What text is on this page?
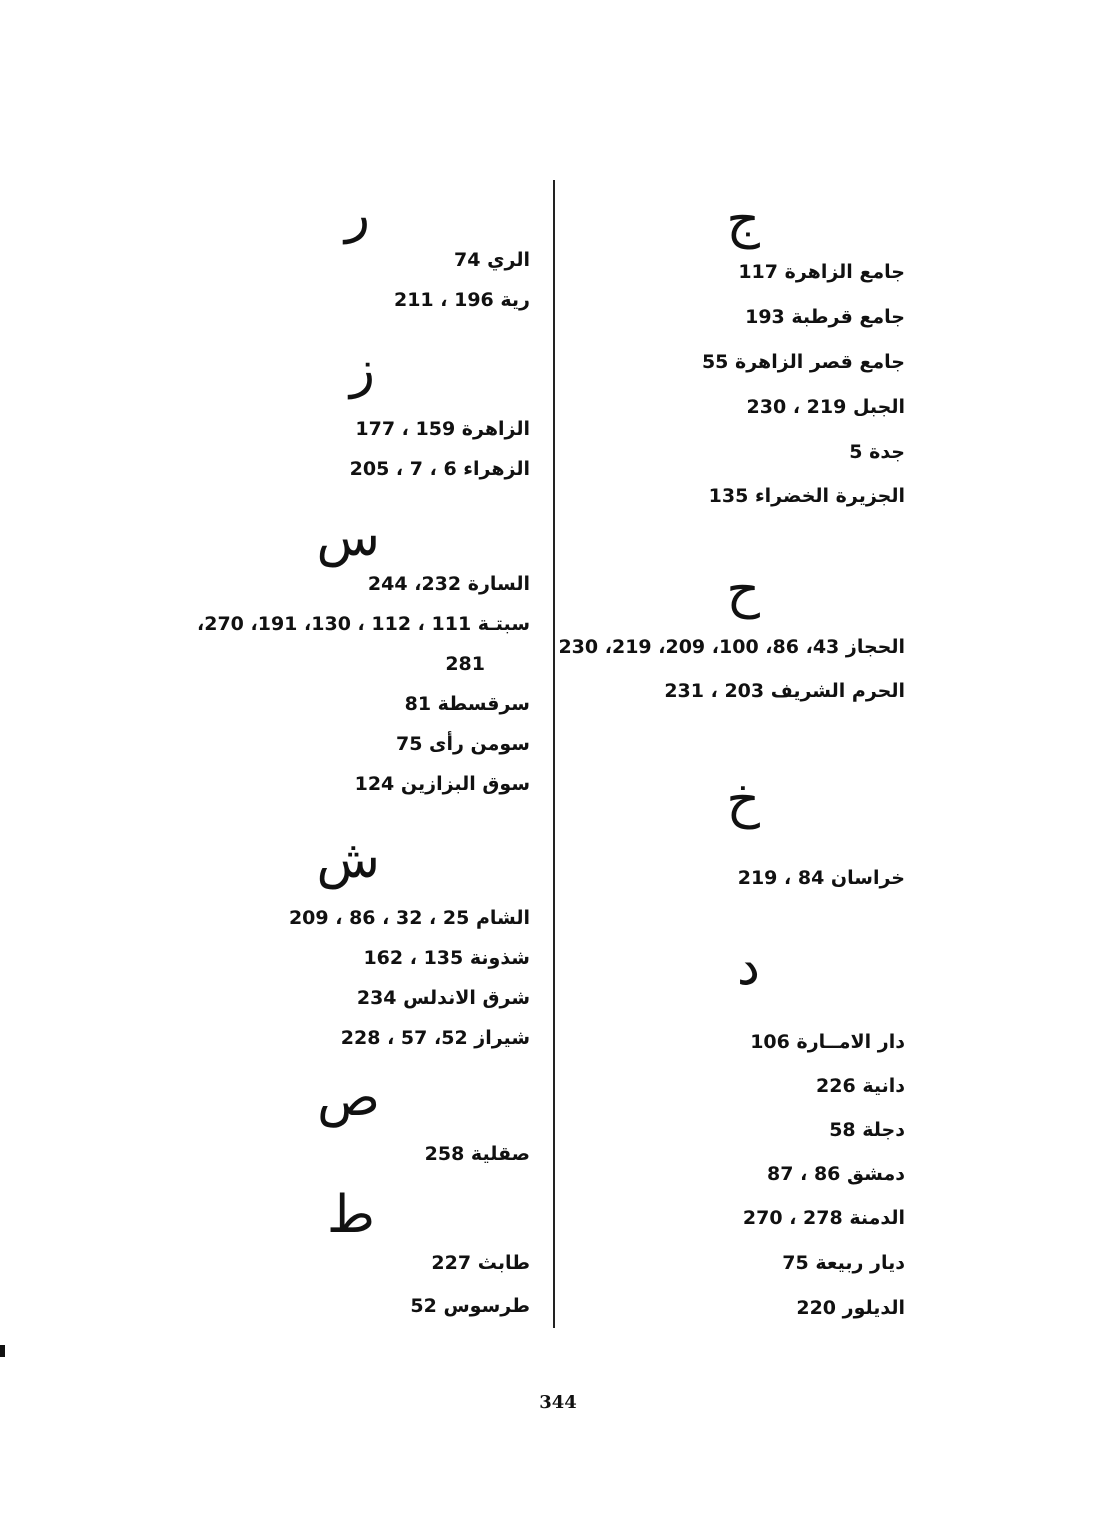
ج
جامع الزاهرة 117
جامع قرطبة 193
جامع قصر الزاهرة 55
الجبل 219 ، 230
جدة 5
الجزيرة الخضراء 135
ح
الحجاز 43، 86، 100، 209، 219، 230
الحرم الشريف 203 ، 231
خ
خراسان 84 ، 219
د
دار الامــارة 106
دانية 226
دجلة 58
دمشق 86 ، 87
الدمنة 278 ، 270
ديار ربيعة 75
الديلور 220
ر
الري 74
رية 196 ، 211
ز
الزاهرة 159 ، 177
الزهراء 6 ، 7 ، 205
س
السارة 232، 244
سبتـة 111 ، 112 ، 130، 191، 270،
281
سرقسطة 81
سومن رأى 75
سوق البزازين 124
ش
الشام 25 ، 32 ، 86 ، 209
شذونة 135 ، 162
شرق الاندلس 234
شيراز 52، 57 ، 228
ص
صقلية 258
ط
طابث 227
طرسوس 52
344
